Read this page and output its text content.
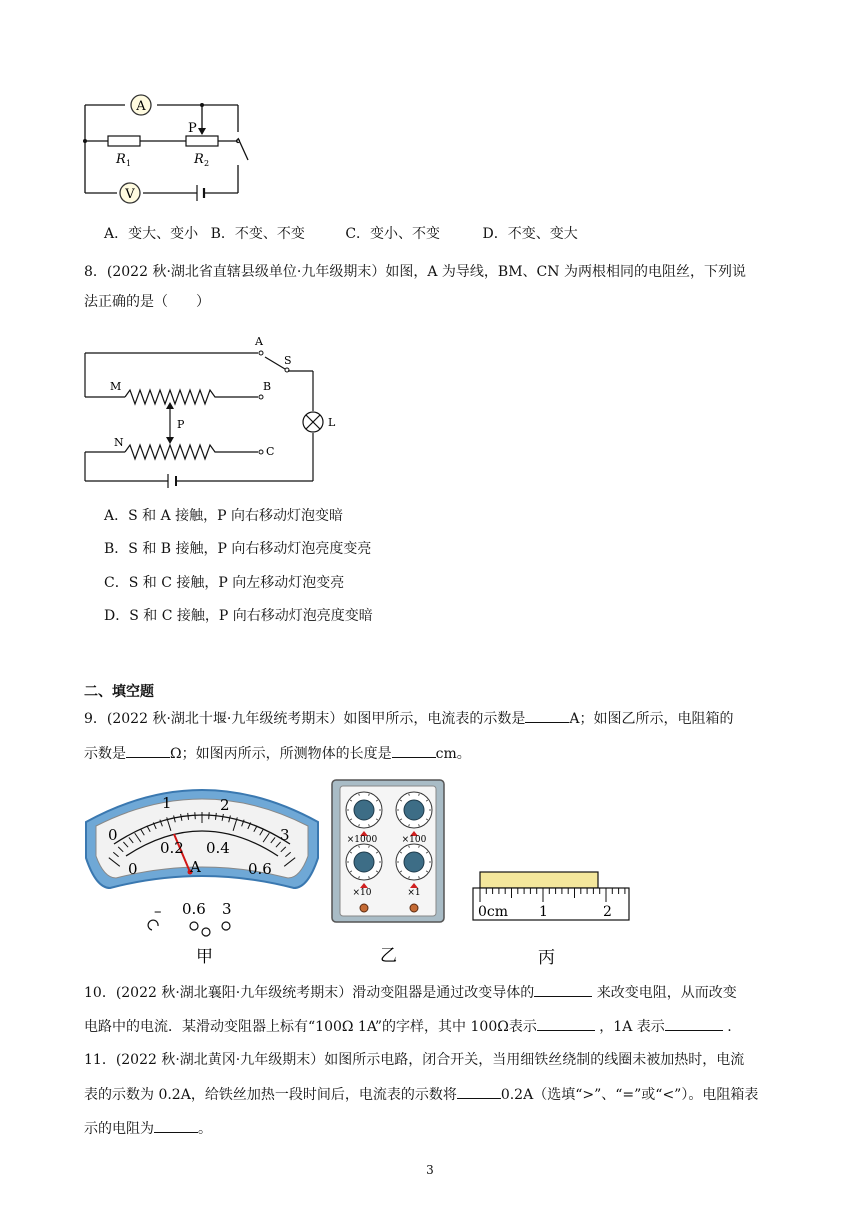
A
V
P
R 1	R 2
A．变大、变小 B．不变、不变	C．变小、不变	D．不变、变大
8．(2022 秋·湖北省直辖县级单位·九年级期末）如图，A 为导线，BM、CN 为两根相同的电阻丝，下列说
法正确的是（　　）
A
S
M	B
P	L
N
C
A．S 和 A 接触，P 向右移动灯泡变暗
B．S 和 B 接触，P 向右移动灯泡亮度变亮
C．S 和 C 接触，P 向左移动灯泡变亮
D．S 和 C 接触，P 向右移动灯泡亮度变暗
二、填空题
9．(2022 秋·湖北十堰·九年级统考期末）如图甲所示，电流表的示数是	A；如图乙所示，电阻箱的
示数是	Ω；如图丙所示，所测物体的长度是	cm。
0
1	2
3
0
0.2 0.4
0.6
A
– 0.6 3
甲
×1000	×100
×10	×1
乙
0cm 1	2
丙
10．(2022 秋·湖北襄阳·九年级统考期末）滑动变阻器是通过改变导体的	来改变电阻，从而改变
电路中的电流．某滑动变阻器上标有“100Ω 1A”的字样，其中 100Ω表示	，1A 表示	.
11．(2022 秋·湖北黄冈·九年级期末）如图所示电路，闭合开关，当用细铁丝绕制的线圈未被加热时，电流
表的示数为 0.2A，给铁丝加热一段时间后，电流表的示数将	0.2A（选填“>”、“=”或“<”）。电阻箱表
示的电阻为	。
3
